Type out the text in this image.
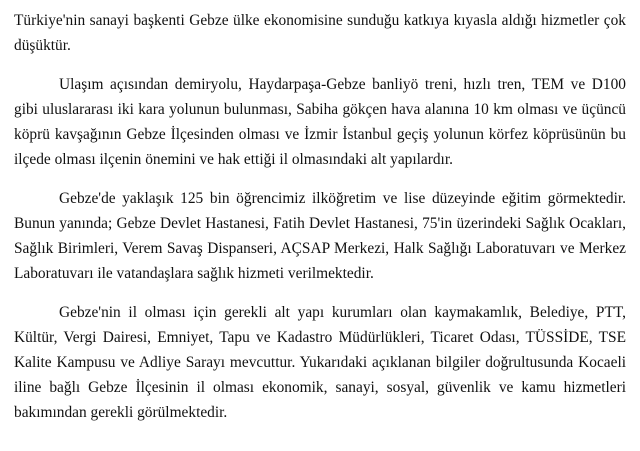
Türkiye'nin sanayi başkenti Gebze ülke ekonomisine sunduğu katkıya kıyasla aldığı hizmetler çok düşüktür.

Ulaşım açısından demiryolu, Haydarpaşa-Gebze banliyö treni, hızlı tren, TEM ve D100 gibi uluslararası iki kara yolunun bulunması, Sabiha gökçen hava alanına 10 km olması ve üçüncü köprü kavşağının Gebze İlçesinden olması ve İzmir İstanbul geçiş yolunun körfez köprüsünün bu ilçede olması ilçenin önemini ve hak ettiği il olmasındaki alt yapılardır.

Gebze'de yaklaşık 125 bin öğrencimiz ilköğretim ve lise düzeyinde eğitim görmektedir. Bunun yanında; Gebze Devlet Hastanesi, Fatih Devlet Hastanesi, 75'in üzerindeki Sağlık Ocakları, Sağlık Birimleri, Verem Savaş Dispanseri, AÇSAP Merkezi, Halk Sağlığı Laboratuvarı ve Merkez Laboratuvarı ile vatandaşlara sağlık hizmeti verilmektedir.

Gebze'nin il olması için gerekli alt yapı kurumları olan kaymakamlık, Belediye, PTT, Kültür, Vergi Dairesi, Emniyet, Tapu ve Kadastro Müdürlükleri, Ticaret Odası, TÜSSİDE, TSE Kalite Kampusu ve Adliye Sarayı mevcuttur. Yukarıdaki açıklanan bilgiler doğrultusunda Kocaeli iline bağlı Gebze İlçesinin il olması ekonomik, sanayi, sosyal, güvenlik ve kamu hizmetleri bakımından gerekli görülmektedir.
